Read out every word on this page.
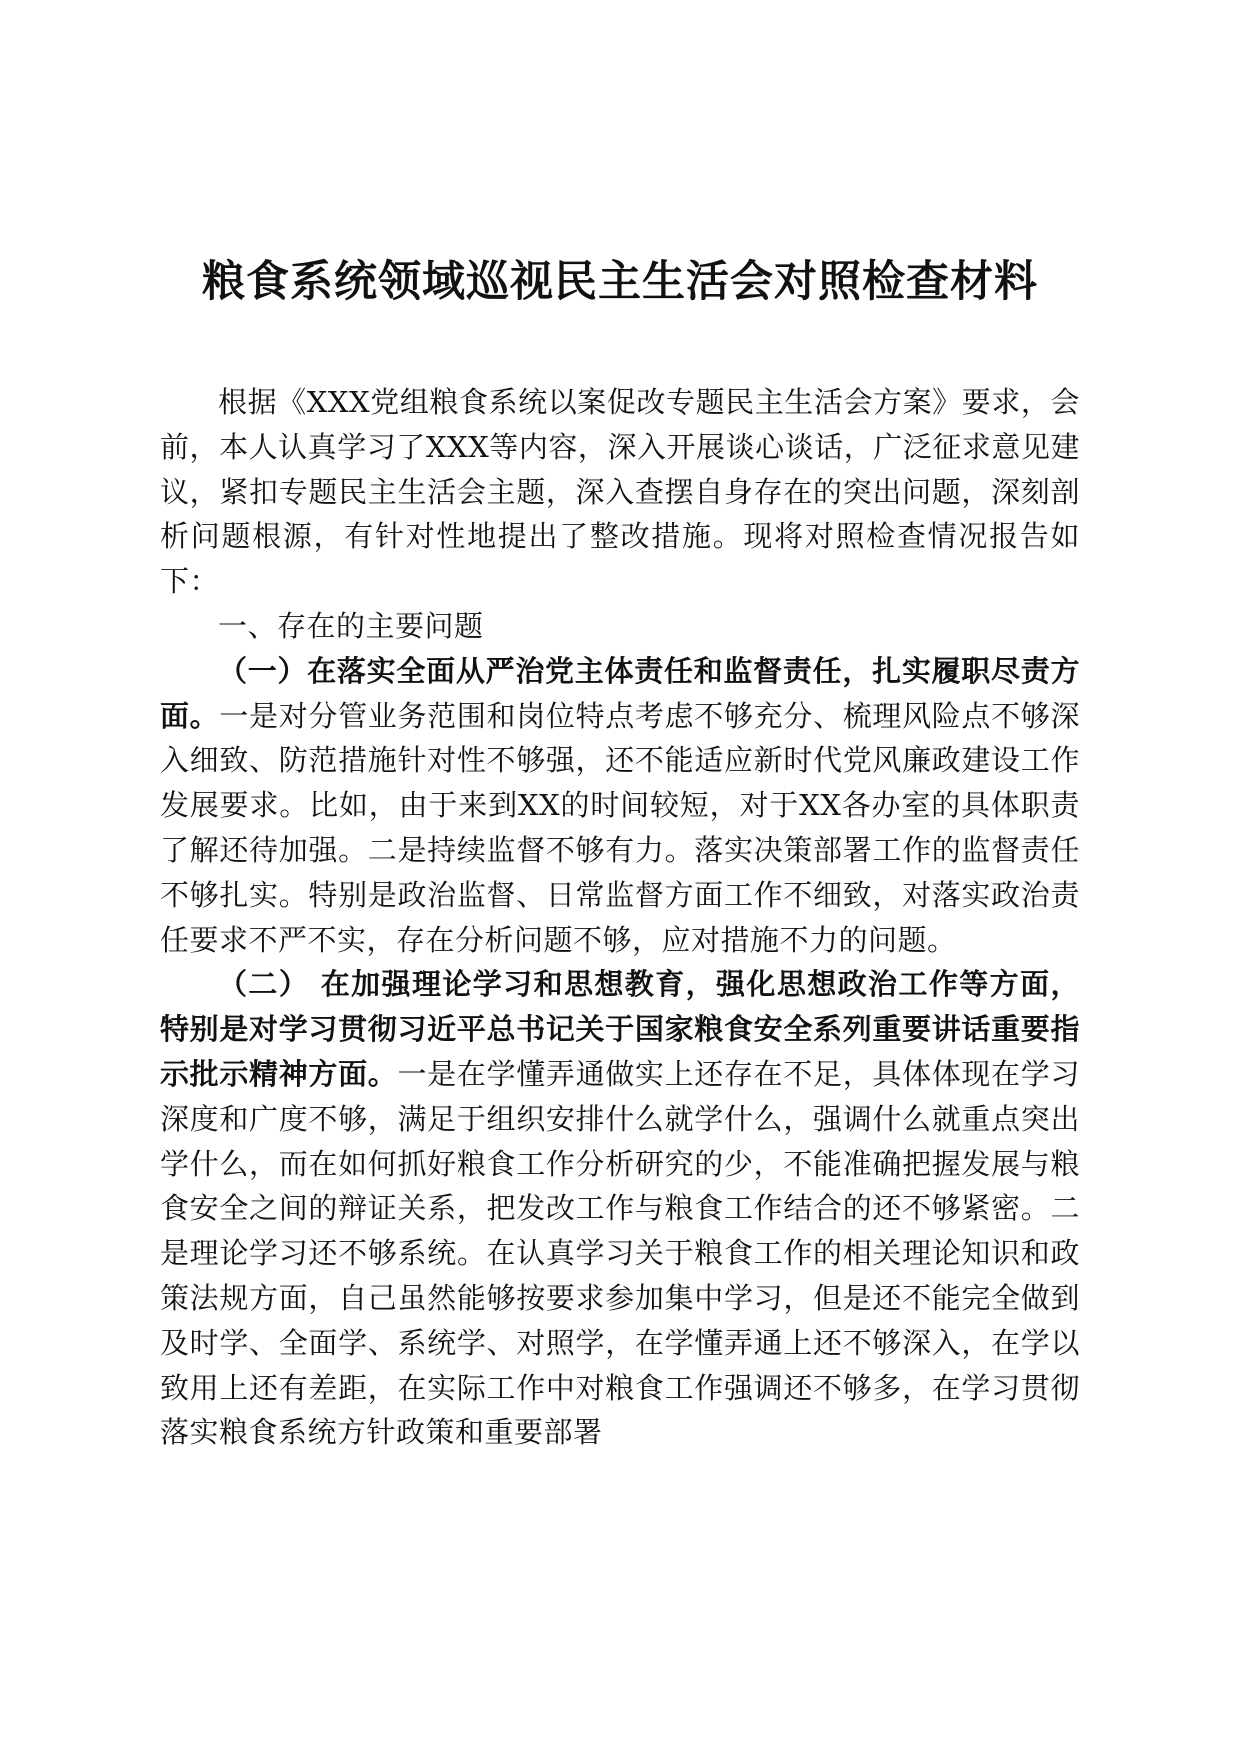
粮食系统领域巡视民主生活会对照检查材料

根据《XXX党组粮食系统以案促改专题民主生活会方案》要求，会前，本人认真学习了XXX等内容，深入开展谈心谈话，广泛征求意见建议，紧扣专题民主生活会主题，深入查摆自身存在的突出问题，深刻剖析问题根源，有针对性地提出了整改措施。现将对照检查情况报告如下：

一、存在的主要问题

（一）在落实全面从严治党主体责任和监督责任，扎实履职尽责方面。一是对分管业务范围和岗位特点考虑不够充分、梳理风险点不够深入细致、防范措施针对性不够强，还不能适应新时代党风廉政建设工作发展要求。比如，由于来到XX的时间较短，对于XX各办室的具体职责了解还待加强。二是持续监督不够有力。落实决策部署工作的监督责任不够扎实。特别是政治监督、日常监督方面工作不细致，对落实政治责任要求不严不实，存在分析问题不够，应对措施不力的问题。

（二） 在加强理论学习和思想教育，强化思想政治工作等方面，特别是对学习贯彻习近平总书记关于国家粮食安全系列重要讲话重要指示批示精神方面。一是在学懂弄通做实上还存在不足，具体体现在学习深度和广度不够，满足于组织安排什么就学什么，强调什么就重点突出学什么，而在如何抓好粮食工作分析研究的少，不能准确把握发展与粮食安全之间的辩证关系，把发改工作与粮食工作结合的还不够紧密。二是理论学习还不够系统。在认真学习关于粮食工作的相关理论知识和政策法规方面，自己虽然能够按要求参加集中学习，但是还不能完全做到及时学、全面学、系统学、对照学，在学懂弄通上还不够深入，在学以致用上还有差距，在实际工作中对粮食工作强调还不够多，在学习贯彻落实粮食系统方针政策和重要部署
